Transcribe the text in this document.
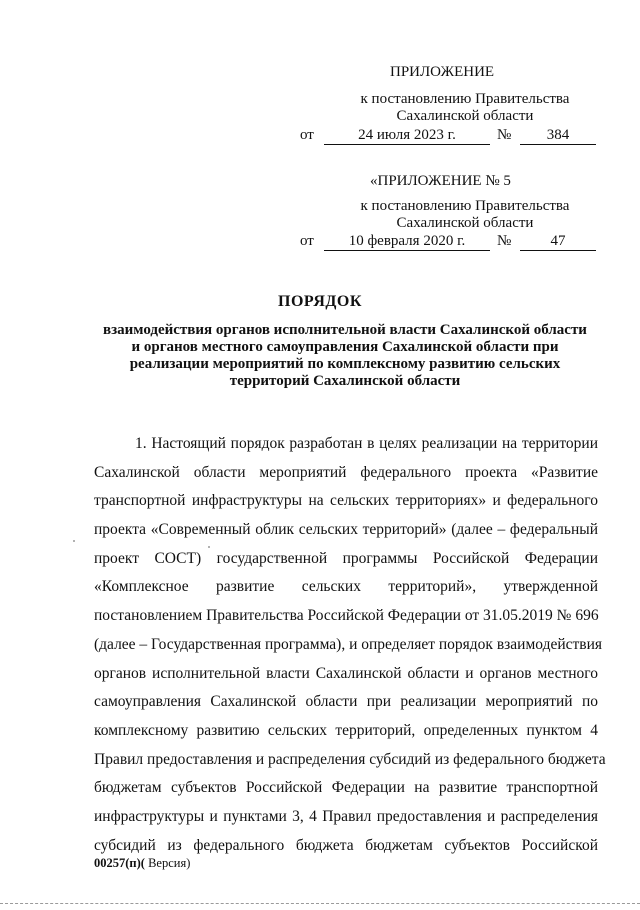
ПРИЛОЖЕНИЕ
к постановлению Правительства
Сахалинской области
от	24 июля 2023 г.	№	384
«ПРИЛОЖЕНИЕ № 5
к постановлению Правительства
Сахалинской области
от	10 февраля 2020 г.	№	47
ПОРЯДОК
взаимодействия органов исполнительной власти Сахалинской области
и органов местного самоуправления Сахалинской области при
реализации мероприятий по комплексному развитию сельских
территорий Сахалинской области
1. Настоящий порядок разработан в целях реализации на территории
Сахалинской области мероприятий федерального проекта «Развитие
транспортной инфраструктуры на сельских территориях» и федерального
проекта «Современный облик сельских территорий» (далее – федеральный
проект СОСТ) государственной программы Российской Федерации
«Комплексное развитие сельских территорий», утвержденной
постановлением Правительства Российской Федерации от 31.05.2019 № 696
(далее – Государственная программа), и определяет порядок взаимодействия
органов исполнительной власти Сахалинской области и органов местного
самоуправления Сахалинской области при реализации мероприятий по
комплексному развитию сельских территорий, определенных пунктом 4
Правил предоставления и распределения субсидий из федерального бюджета
бюджетам субъектов Российской Федерации на развитие транспортной
инфраструктуры и пунктами 3, 4 Правил предоставления и распределения
субсидий из федерального бюджета бюджетам субъектов Российской
00257(п)( Версия)
